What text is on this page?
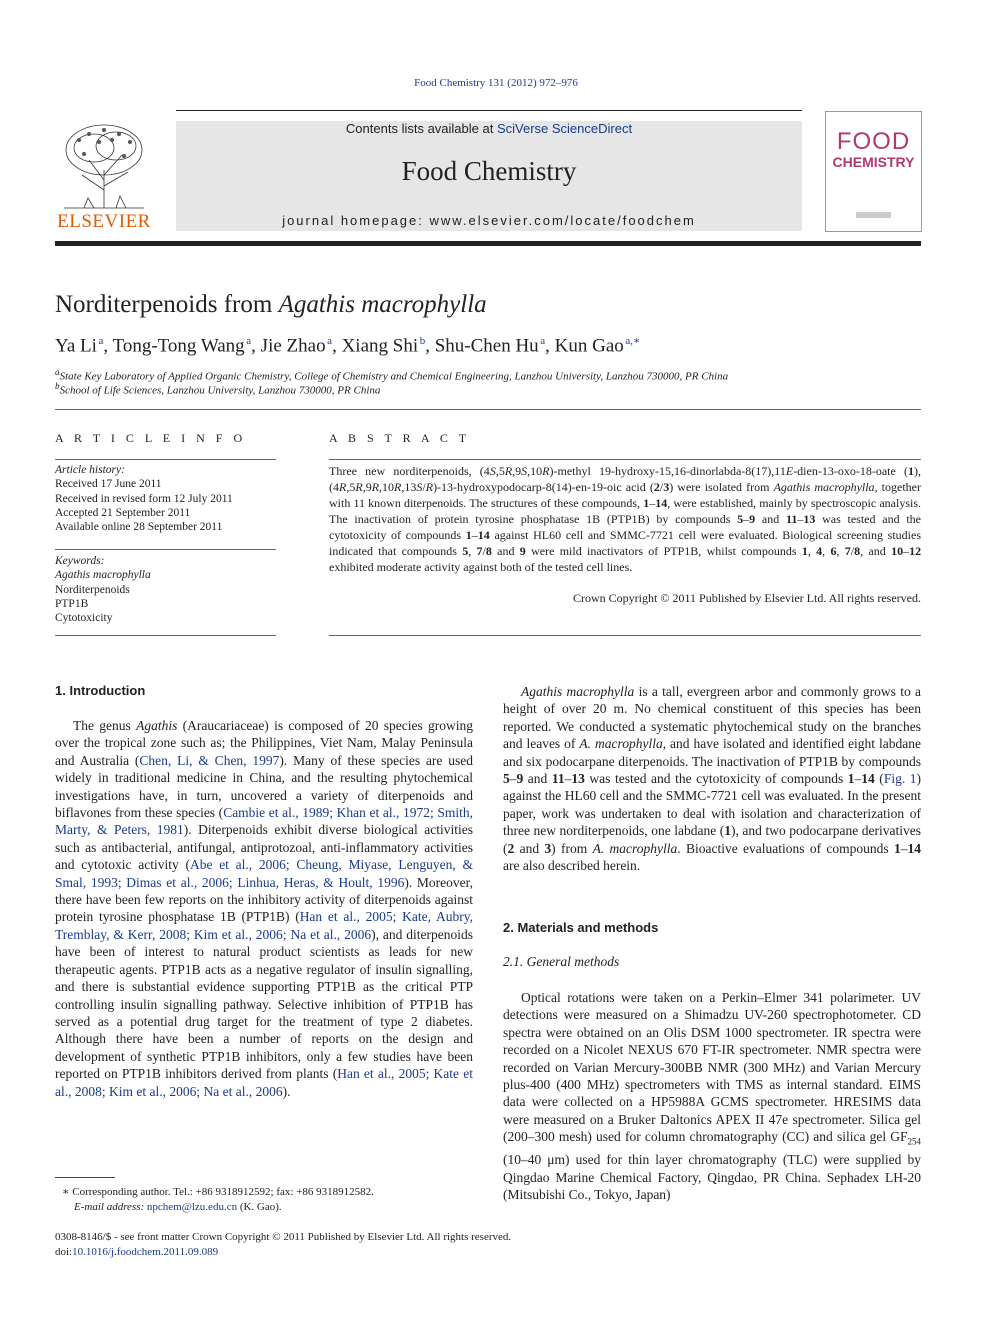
Food Chemistry 131 (2012) 972–976
ELSEVIER
Contents lists available at SciVerse ScienceDirect
Food Chemistry
journal homepage: www.elsevier.com/locate/foodchem
FOOD
CHEMISTRY
Norditerpenoids from Agathis macrophylla
Ya Li  $^a$, Tong-Tong Wang  $^a$, Jie Zhao  $^a$, Xiang Shi  $^b$, Shu-Chen Hu  $^a$, Kun Gao  $^{a,∗}$
$^a$State Key Laboratory of Applied Organic Chemistry, College of Chemistry and Chemical Engineering, Lanzhou University, Lanzhou 730000, PR China
$^b$School of Life Sciences, Lanzhou University, Lanzhou 730000, PR China
A R T I C L E I N F O
Article history:
Received 17 June 2011
Received in revised form 12 July 2011
Accepted 21 September 2011
Available online 28 September 2011
Keywords:
Agathis macrophylla
Norditerpenoids
PTP1B
Cytotoxicity
A B S T R A C T
Three new norditerpenoids, (4S,5R,9S,10R)-methyl 19-hydroxy-15,16-dinorlabda-8(17),11E-dien-13-oxo-18-oate (1), (4R,5R,9R,10R,13S/R)-13-hydroxypodocarp-8(14)-en-19-oic acid (2/3) were isolated from Agathis macrophylla, together with 11 known diterpenoids. The structures of these compounds, 1–14, were established, mainly by spectroscopic analysis. The inactivation of protein tyrosine phosphatase 1B (PTP1B) by compounds 5–9 and 11–13 was tested and the cytotoxicity of compounds 1–14 against HL60 cell and SMMC-7721 cell were evaluated. Biological screening studies indicated that compounds 5, 7/8 and 9 were mild inactivators of PTP1B, whilst compounds 1, 4, 6, 7/8, and 10–12 exhibited moderate activity against both of the tested cell lines.
Crown Copyright © 2011 Published by Elsevier Ltd. All rights reserved.
1. Introduction

The genus Agathis (Araucariaceae) is composed of 20 species growing over the tropical zone such as; the Philippines, Viet Nam, Malay Peninsula and Australia (Chen, Li, & Chen, 1997). Many of these species are used widely in traditional medicine in China, and the resulting phytochemical investigations have, in turn, uncovered a variety of diterpenoids and biflavones from these species (Cambie et al., 1989; Khan et al., 1972; Smith, Marty, & Peters, 1981). Diterpenoids exhibit diverse biological activities such as antibacterial, antifungal, antiprotozoal, anti-inflammatory activities and cytotoxic activity (Abe et al., 2006; Cheung, Miyase, Lenguyen, & Smal, 1993; Dimas et al., 2006; Linhua, Heras, & Hoult, 1996). Moreover, there have been few reports on the inhibitory activity of diterpenoids against protein tyrosine phosphatase 1B (PTP1B) (Han et al., 2005; Kate, Aubry, Tremblay, & Kerr, 2008; Kim et al., 2006; Na et al., 2006), and diterpenoids have been of interest to natural product scientists as leads for new therapeutic agents. PTP1B acts as a negative regulator of insulin signalling, and there is substantial evidence supporting PTP1B as the critical PTP controlling insulin signalling pathway. Selective inhibition of PTP1B has served as a potential drug target for the treatment of type 2 diabetes. Although there have been a number of reports on the design and development of synthetic PTP1B inhibitors, only a few studies have been reported on PTP1B inhibitors derived from plants (Han et al., 2005; Kate et al., 2008; Kim et al., 2006; Na et al., 2006).

∗ Corresponding author. Tel.: +86 9318912592; fax: +86 9318912582.
E-mail address: npchem@lzu.edu.cn (K. Gao).
0308-8146/$ - see front matter Crown Copyright © 2011 Published by Elsevier Ltd. All rights reserved.
doi:10.1016/j.foodchem.2011.09.089

Agathis macrophylla is a tall, evergreen arbor and commonly grows to a height of over 20 m. No chemical constituent of this species has been reported. We conducted a systematic phytochemical study on the branches and leaves of A. macrophylla, and have isolated and identified eight labdane and six podocarpane diterpenoids. The inactivation of PTP1B by compounds 5–9 and 11–13 was tested and the cytotoxicity of compounds 1–14 (Fig. 1) against the HL60 cell and the SMMC-7721 cell was evaluated. In the present paper, work was undertaken to deal with isolation and characterization of three new norditerpenoids, one labdane (1), and two podocarpane derivatives (2 and 3) from A. macrophylla. Bioactive evaluations of compounds 1–14 are also described herein.

2. Materials and methods
2.1. General methods

Optical rotations were taken on a Perkin–Elmer 341 polarimeter. UV detections were measured on a Shimadzu UV-260 spectrophotometer. CD spectra were obtained on an Olis DSM 1000 spectrometer. IR spectra were recorded on a Nicolet NEXUS 670 FT-IR spectrometer. NMR spectra were recorded on Varian Mercury-300BB NMR (300 MHz) and Varian Mercury plus-400 (400 MHz) spectrometers with TMS as internal standard. EIMS data were collected on a HP5988A GCMS spectrometer. HRESIMS data were measured on a Bruker Daltonics APEX II 47e spectrometer. Silica gel (200–300 mesh) used for column chromatography (CC) and silica gel $GF_{254}$ (10–40 μm) used for thin layer chromatography (TLC) were supplied by Qingdao Marine Chemical Factory, Qingdao, PR China. Sephadex LH-20 (Mitsubishi Co., Tokyo, Japan)
